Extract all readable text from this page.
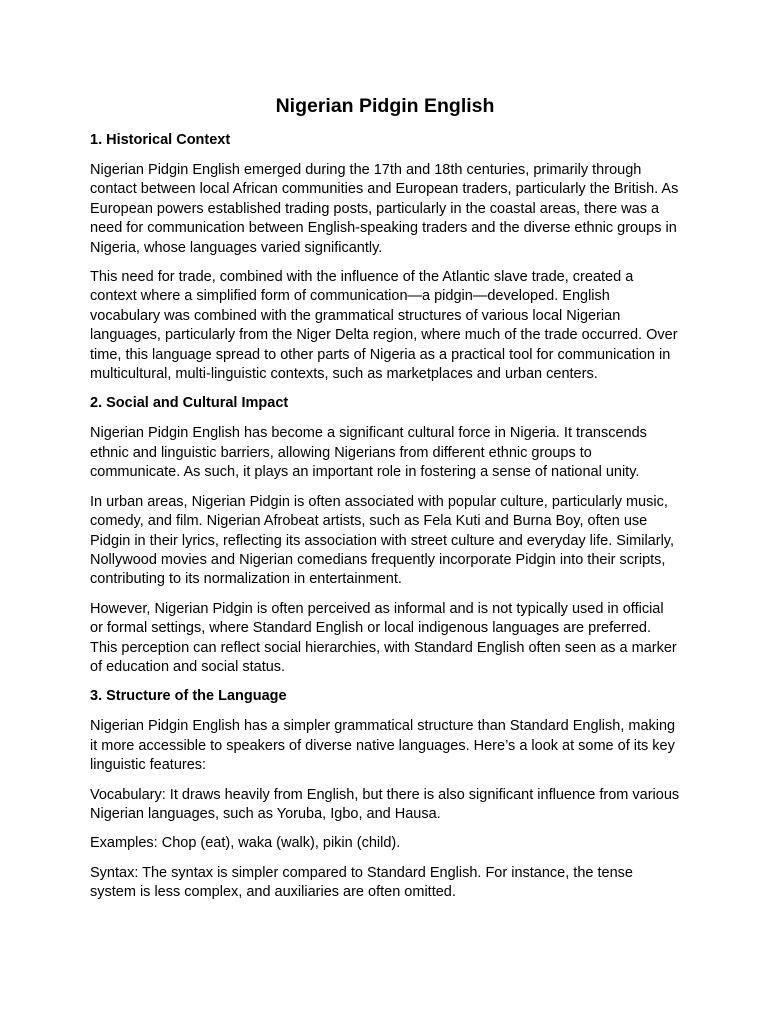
Nigerian Pidgin English
1. Historical Context

Nigerian Pidgin English emerged during the 17th and 18th centuries, primarily through contact between local African communities and European traders, particularly the British. As European powers established trading posts, particularly in the coastal areas, there was a need for communication between English-speaking traders and the diverse ethnic groups in Nigeria, whose languages varied significantly.

This need for trade, combined with the influence of the Atlantic slave trade, created a context where a simplified form of communication—a pidgin—developed. English vocabulary was combined with the grammatical structures of various local Nigerian languages, particularly from the Niger Delta region, where much of the trade occurred. Over time, this language spread to other parts of Nigeria as a practical tool for communication in multicultural, multi-linguistic contexts, such as marketplaces and urban centers.

2. Social and Cultural Impact

Nigerian Pidgin English has become a significant cultural force in Nigeria. It transcends ethnic and linguistic barriers, allowing Nigerians from different ethnic groups to communicate. As such, it plays an important role in fostering a sense of national unity.

In urban areas, Nigerian Pidgin is often associated with popular culture, particularly music, comedy, and film. Nigerian Afrobeat artists, such as Fela Kuti and Burna Boy, often use Pidgin in their lyrics, reflecting its association with street culture and everyday life. Similarly, Nollywood movies and Nigerian comedians frequently incorporate Pidgin into their scripts, contributing to its normalization in entertainment.

However, Nigerian Pidgin is often perceived as informal and is not typically used in official or formal settings, where Standard English or local indigenous languages are preferred. This perception can reflect social hierarchies, with Standard English often seen as a marker of education and social status.

3. Structure of the Language

Nigerian Pidgin English has a simpler grammatical structure than Standard English, making it more accessible to speakers of diverse native languages. Here’s a look at some of its key linguistic features:

Vocabulary: It draws heavily from English, but there is also significant influence from various Nigerian languages, such as Yoruba, Igbo, and Hausa.

Examples: Chop (eat), waka (walk), pikin (child).

Syntax: The syntax is simpler compared to Standard English. For instance, the tense system is less complex, and auxiliaries are often omitted.
